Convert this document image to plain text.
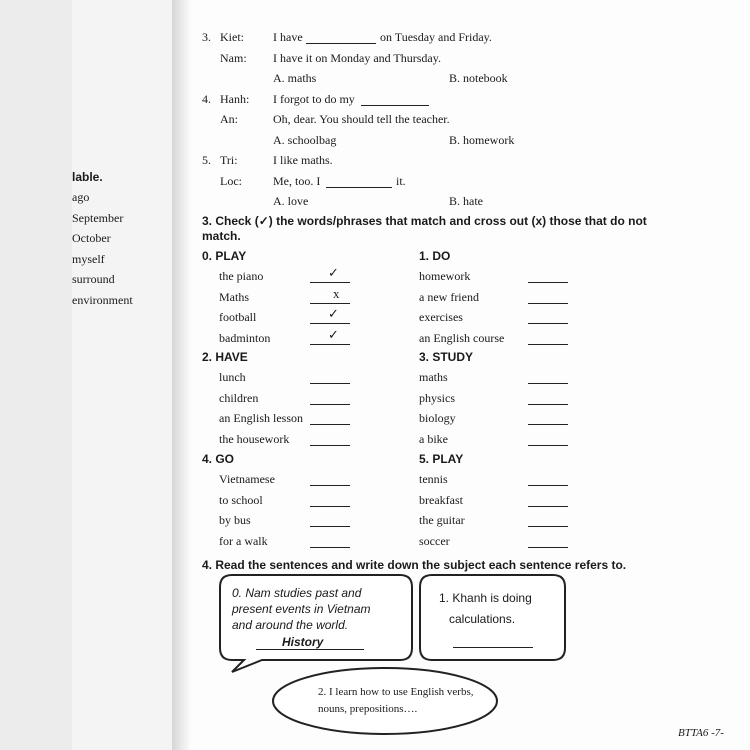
lable.
ago
September
October
myself
surround
environment
3. Kiet: I have	on Tuesday and Friday.
Nam: I have it on Monday and Thursday.
A. maths	B. notebook
4. Hanh: I forgot to do my
An:	Oh, dear. You should tell the teacher.
A. schoolbag	B. homework
5. Tri:	I like maths.
Loc:	Me, too. I	it.
A. love	B. hate
3. Check (✓) the words/phrases that match and cross out (x) those that do not
match.
0. PLAY
the piano	✓
Maths	x
football	✓
badminton	✓
1. DO
homework
a new friend
exercises
an English course
2. HAVE
lunch
children
an English lesson
the housework
3. STUDY
maths
physics
biology
a bike
4. GO
Vietnamese
to school
by bus
for a walk
5. PLAY
tennis
breakfast
the guitar
soccer
4. Read the sentences and write down the subject each sentence refers to.
0. Nam studies past and
present events in Vietnam
and around the world.
History
1. Khanh is doing
calculations.
2. I learn how to use English verbs,
nouns, prepositions….
BTTA6 -7-
